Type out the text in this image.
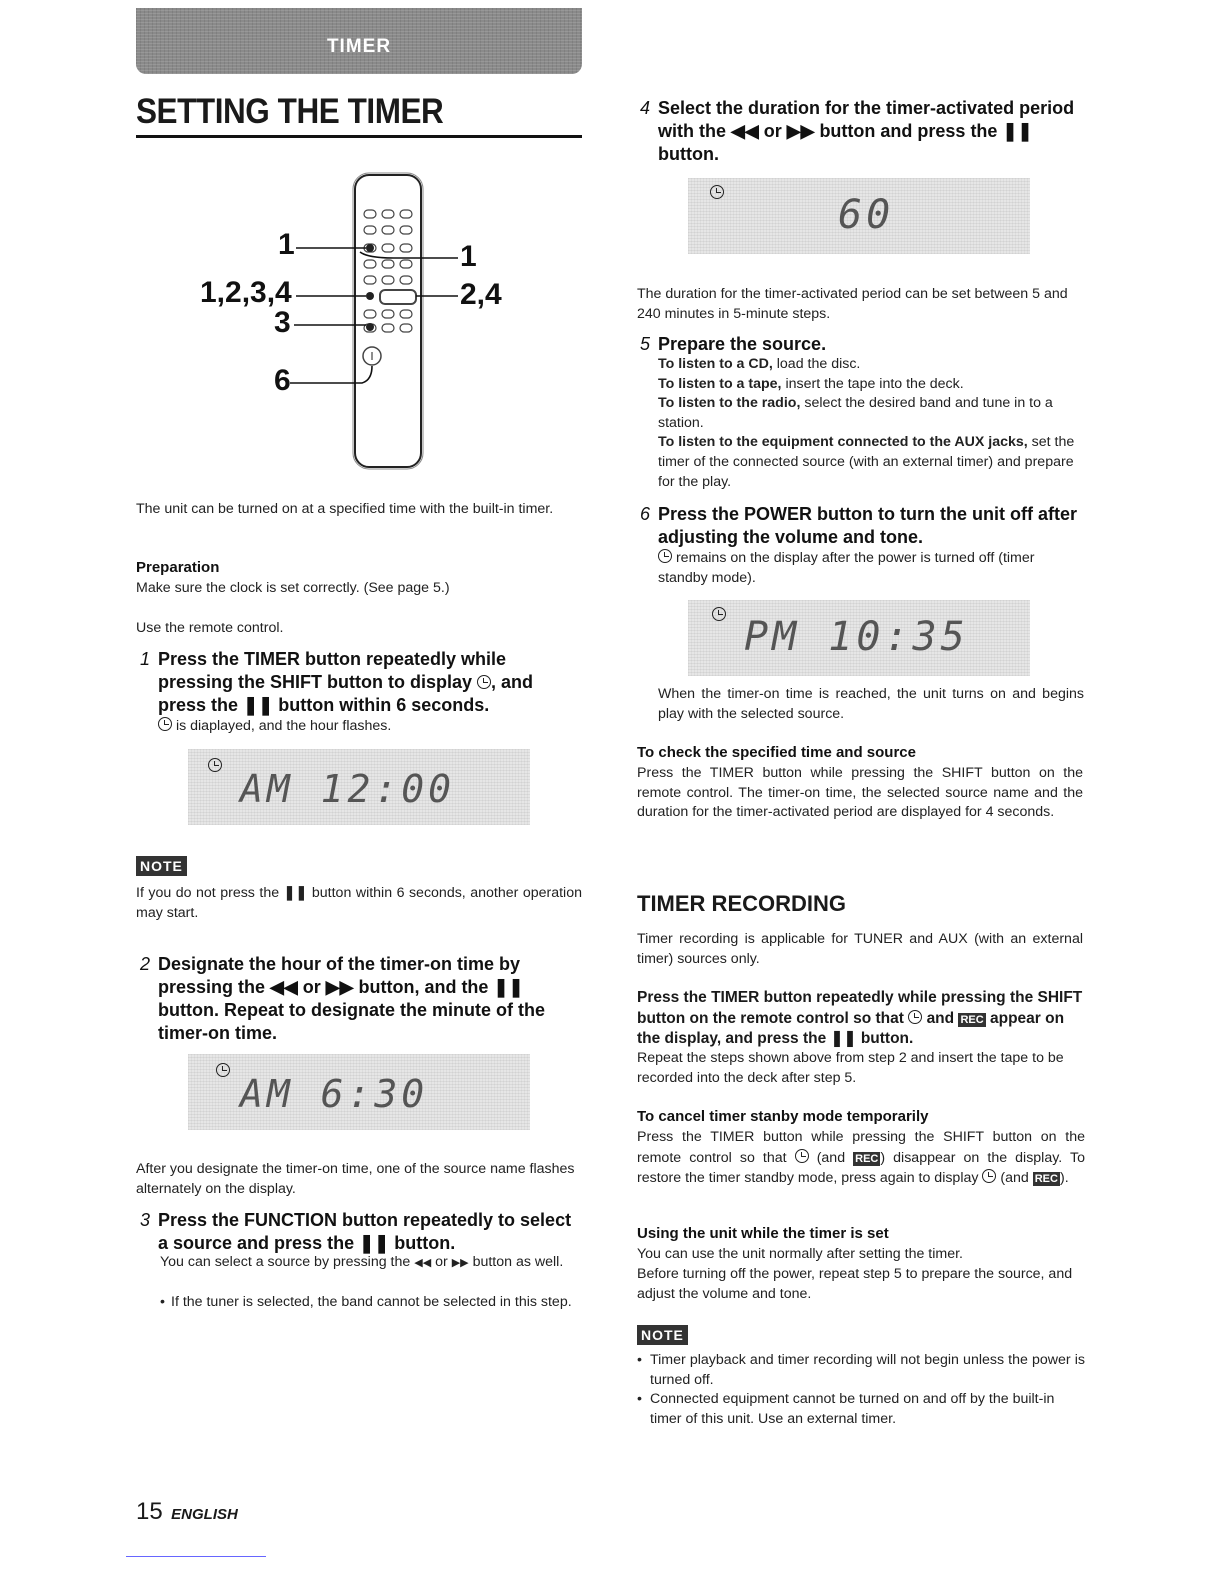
TIMER
SETTING THE TIMER
1
1,2,3,4
3
6
1
2,4
The unit can be turned on at a specified time with the built-in timer.
Preparation
Make sure the clock is set correctly. (See page 5.)
Use the remote control.
1 Press the TIMER button repeatedly while pressing the SHIFT button to display , and press the ❚❚ button within 6 seconds.
is diaplayed, and the hour flashes.
AM 12:00
NOTE
If you do not press the ❚❚ button within 6 seconds, another operation may start.
2 Designate the hour of the timer-on time by pressing the ◀◀ or ▶▶ button, and the ❚❚ button. Repeat to designate the minute of the timer-on time.
AM 6:30
After you designate the timer-on time, one of the source name flashes alternately on the display.
3 Press the FUNCTION button repeatedly to select a source and press the ❚❚ button.
You can select a source by pressing the ◀◀ or ▶▶ button as well.
• If the tuner is selected, the band cannot be selected in this step.
4 Select the duration for the timer-activated period with the ◀◀ or ▶▶ button and press the ❚❚ button.
60
The duration for the timer-activated period can be set between 5 and 240 minutes in 5-minute steps.
5 Prepare the source.
To listen to a CD, load the disc.
To listen to a tape, insert the tape into the deck.
To listen to the radio, select the desired band and tune in to a station.
To listen to the equipment connected to the AUX jacks, set the timer of the connected source (with an external timer) and prepare for the play.
6 Press the POWER button to turn the unit off after adjusting the volume and tone.
remains on the display after the power is turned off (timer standby mode).
PM 10:35
When the timer-on time is reached, the unit turns on and begins play with the selected source.
To check the specified time and source
Press the TIMER button while pressing the SHIFT button on the remote control. The timer-on time, the selected source name and the duration for the timer-activated period are displayed for 4 seconds.
TIMER RECORDING
Timer recording is applicable for TUNER and AUX (with an external timer) sources only.
Press the TIMER button repeatedly while pressing the SHIFT button on the remote control so that and REC appear on the display, and press the ❚❚ button.
Repeat the steps shown above from step 2 and insert the tape to be recorded into the deck after step 5.
To cancel timer stanby mode temporarily
Press the TIMER button while pressing the SHIFT button on the remote control so that (and REC ) disappear on the display. To restore the timer standby mode, press again to display (and REC ).
Using the unit while the timer is set
You can use the unit normally after setting the timer.
Before turning off the power, repeat step 5 to prepare the source, and adjust the volume and tone.
NOTE
• Timer playback and timer recording will not begin unless the power is turned off.
• Connected equipment cannot be turned on and off by the built-in timer of this unit. Use an external timer.
15 ENGLISH
